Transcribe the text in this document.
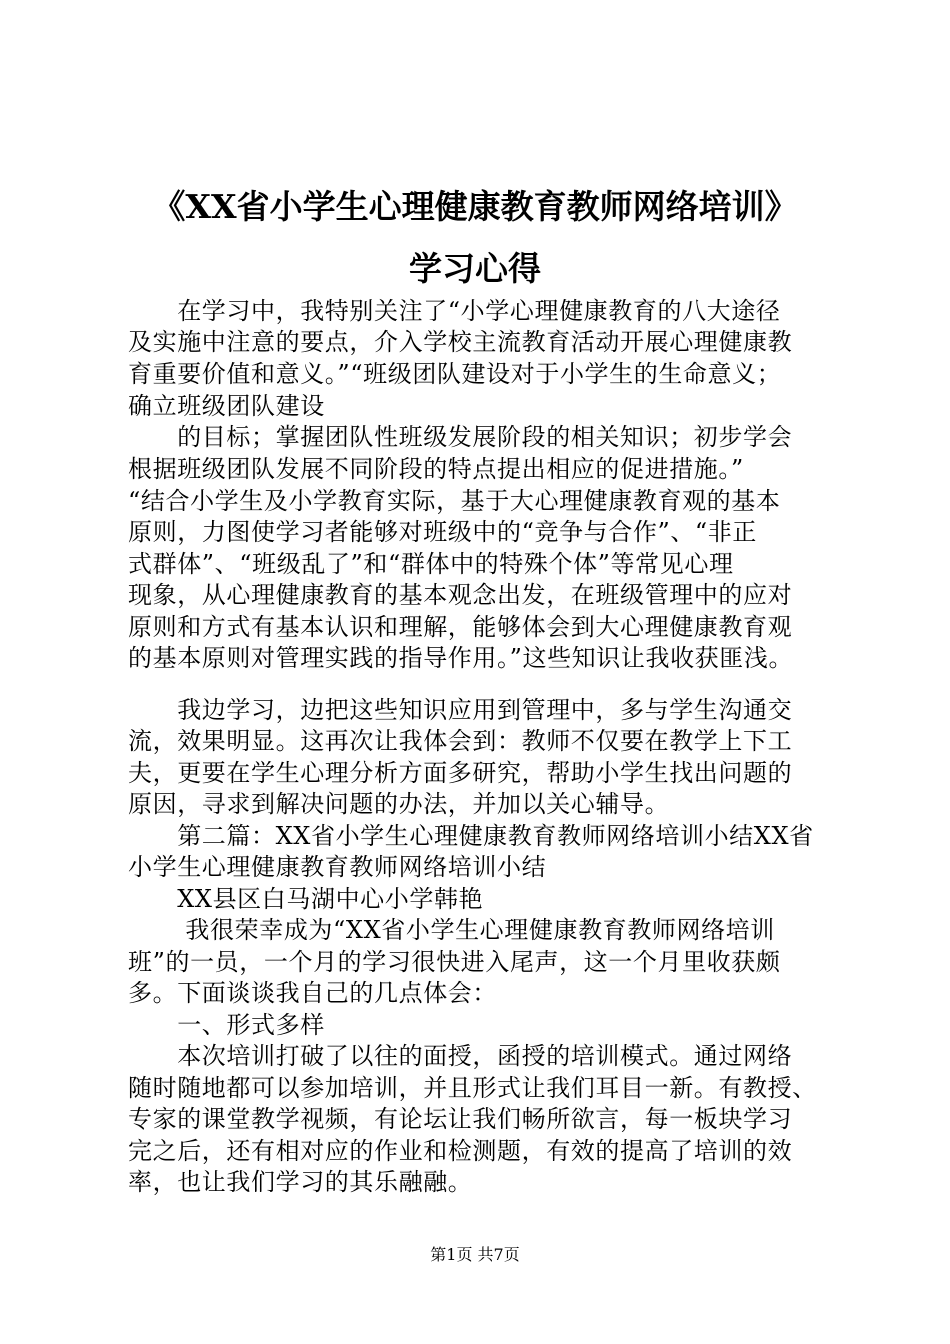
《XX省小学生心理健康教育教师网络培训》
学习心得

　　在学习中，我特别关注了“小学心理健康教育的八大途径

及实施中注意的要点，介入学校主流教育活动开展心理健康教

育重要价值和意义。”“班级团队建设对于小学生的生命意义；

确立班级团队建设

　　的目标；掌握团队性班级发展阶段的相关知识；初步学会

根据班级团队发展不同阶段的特点提出相应的促进措施。”

“结合小学生及小学教育实际，基于大心理健康教育观的基本

原则，力图使学习者能够对班级中的“竞争与合作”、“非正

式群体”、“班级乱了”和“群体中的特殊个体”等常见心理

现象，从心理健康教育的基本观念出发，在班级管理中的应对

原则和方式有基本认识和理解，能够体会到大心理健康教育观

的基本原则对管理实践的指导作用。”这些知识让我收获匪浅。

　　我边学习，边把这些知识应用到管理中，多与学生沟通交

流，效果明显。这再次让我体会到：教师不仅要在教学上下工

夫，更要在学生心理分析方面多研究，帮助小学生找出问题的

原因，寻求到解决问题的办法，并加以关心辅导。

　　第二篇：XX省小学生心理健康教育教师网络培训小结XX省

小学生心理健康教育教师网络培训小结

　　XX县区白马湖中心小学韩艳

　　 我很荣幸成为“XX省小学生心理健康教育教师网络培训

班”的一员，一个月的学习很快进入尾声，这一个月里收获颇

多。下面谈谈我自己的几点体会：

　　一、形式多样

　　本次培训打破了以往的面授，函授的培训模式。通过网络

随时随地都可以参加培训，并且形式让我们耳目一新。有教授、

专家的课堂教学视频，有论坛让我们畅所欲言，每一板块学习

完之后，还有相对应的作业和检测题，有效的提高了培训的效

率，也让我们学习的其乐融融。

第1页 共7页
